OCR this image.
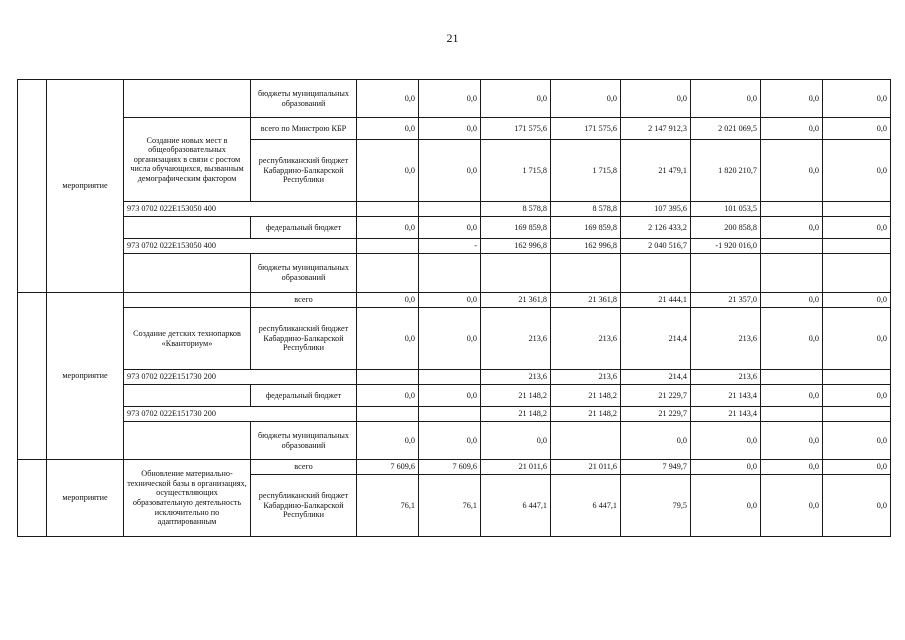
21
	мероприятие		бюджеты муниципальных образований	0,0	0,0	0,0	0,0	0,0	0,0	0,0	0,0
		Создание новых мест в общеобразовательных организациях в связи с ростом числа обучающихся, вызванным демографическим фактором	всего по Минстрою КБР	0,0	0,0	171 575,6	171 575,6	2 147 912,3	2 021 069,5	0,0	0,0
			республиканский бюджет Кабардино-Балкарской Республики	0,0	0,0	1 715,8	1 715,8	21 479,1	1 820 210,7	0,0	0,0
		973 0702 022E153050 400				8 578,8	8 578,8	107 395,6	101 053,5		
			федеральный бюджет	0,0	0,0	169 859,8	169 859,8	2 126 433,2	200 858,8	0,0	0,0
		973 0702 022E153050 400			-	162 996,8	162 996,8	2 040 516,7	-1 920 016,0		
			бюджеты муниципальных образований								
	мероприятие		всего	0,0	0,0	21 361,8	21 361,8	21 444,1	21 357,0	0,0	0,0
		Создание детских технопарков «Кванториум»	республиканский бюджет Кабардино-Балкарской Республики	0,0	0,0	213,6	213,6	214,4	213,6	0,0	0,0
		973 0702 022E151730 200				213,6	213,6	214,4	213,6		
			федеральный бюджет	0,0	0,0	21 148,2	21 148,2	21 229,7	21 143,4	0,0	0,0
		973 0702 022E151730 200				21 148,2	21 148,2	21 229,7	21 143,4		
			бюджеты муниципальных образований	0,0	0,0	0,0		0,0	0,0	0,0	0,0
	мероприятие	Обновление материально-технической базы в организациях, осуществляющих образовательную деятельность исключительно по адаптированным	всего	7 609,6	7 609,6	21 011,6	21 011,6	7 949,7	0,0	0,0	0,0
			республиканский бюджет Кабардино-Балкарской Республики	76,1	76,1	6 447,1	6 447,1	79,5	0,0	0,0	0,0
